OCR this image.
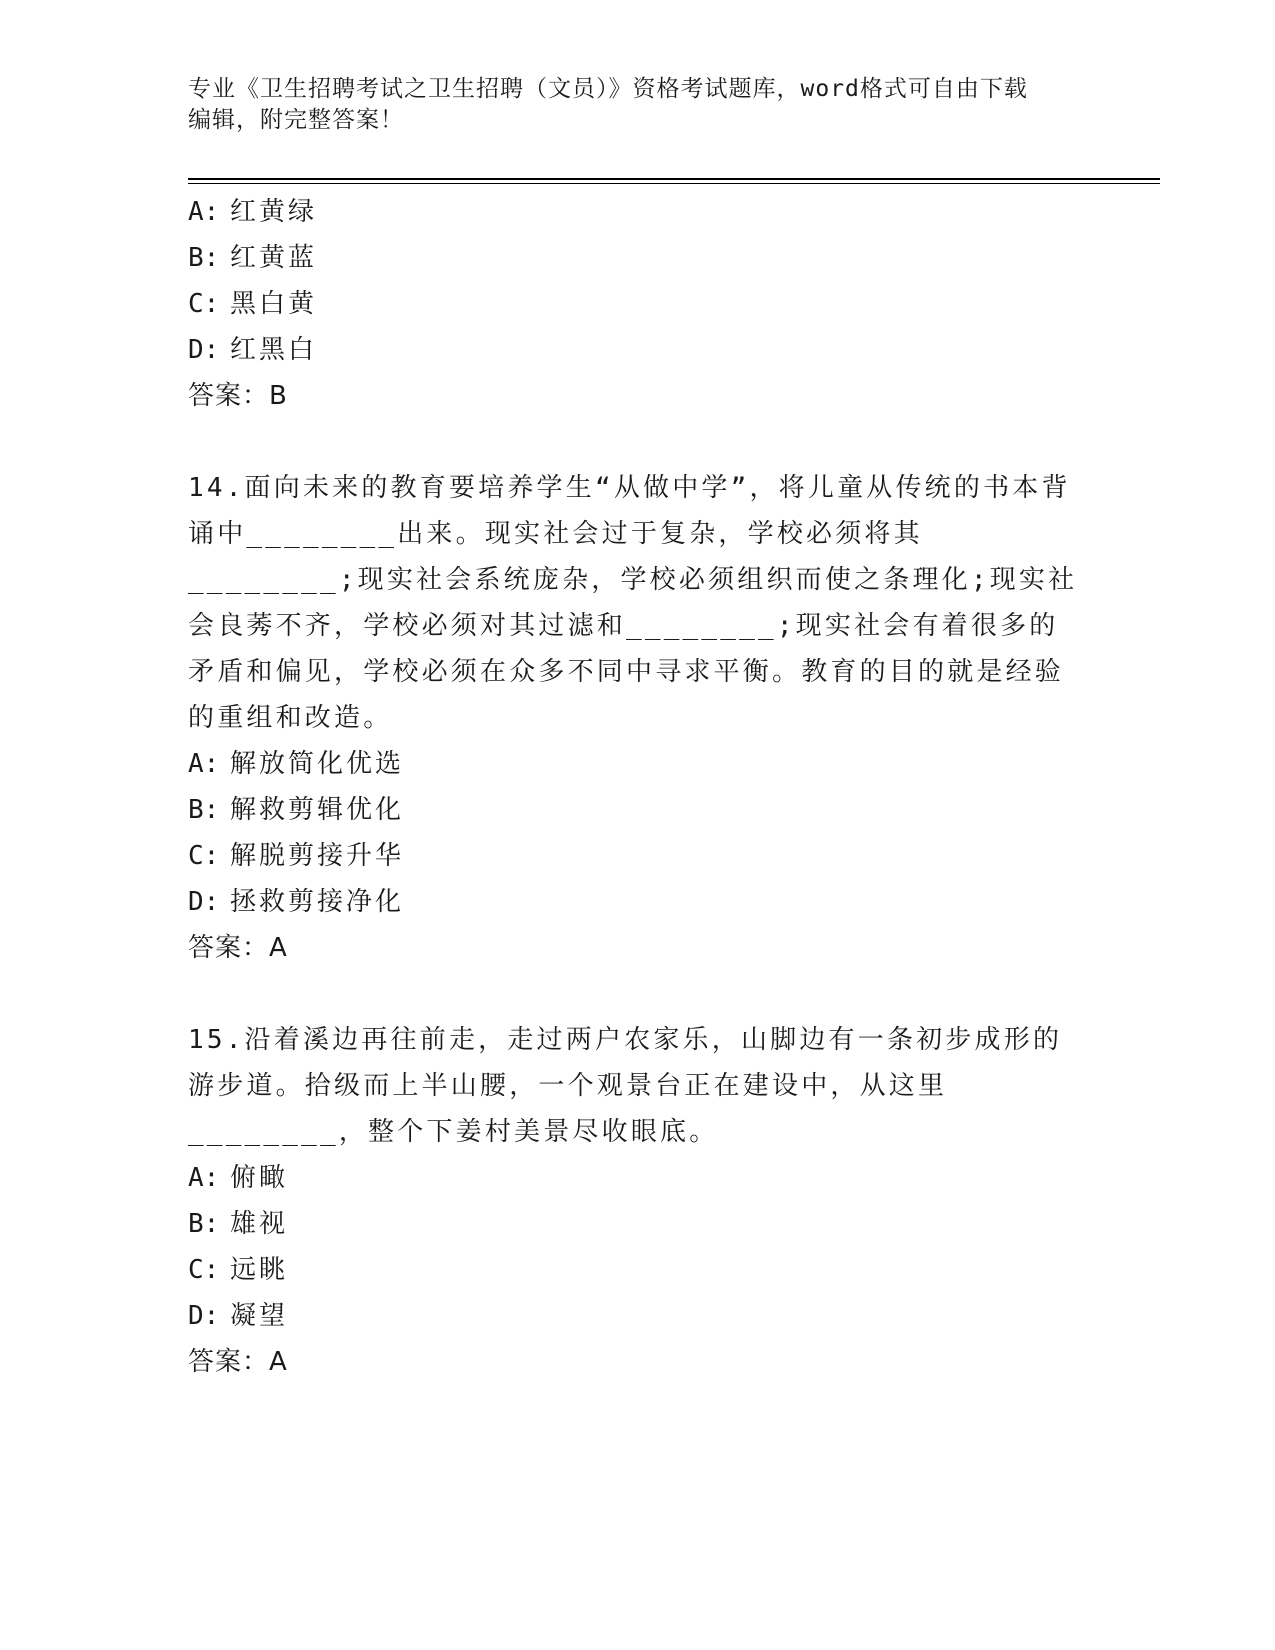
专业《卫生招聘考试之卫生招聘（文员）》资格考试题库，word格式可自由下载
编辑，附完整答案！
A: 红黄绿
B: 红黄蓝
C: 黑白黄
D: 红黑白
答案：B
14.面向未来的教育要培养学生“从做中学”，将儿童从传统的书本背诵中________出来。现实社会过于复杂，学校必须将其________;现实社会系统庞杂，学校必须组织而使之条理化;现实社会良莠不齐，学校必须对其过滤和________;现实社会有着很多的矛盾和偏见，学校必须在众多不同中寻求平衡。教育的目的就是经验的重组和改造。
A: 解放简化优选
B: 解救剪辑优化
C: 解脱剪接升华
D: 拯救剪接净化
答案：A
15.沿着溪边再往前走，走过两户农家乐，山脚边有一条初步成形的游步道。拾级而上半山腰，一个观景台正在建设中，从这里________，整个下姜村美景尽收眼底。
A: 俯瞰
B: 雄视
C: 远眺
D: 凝望
答案：A
